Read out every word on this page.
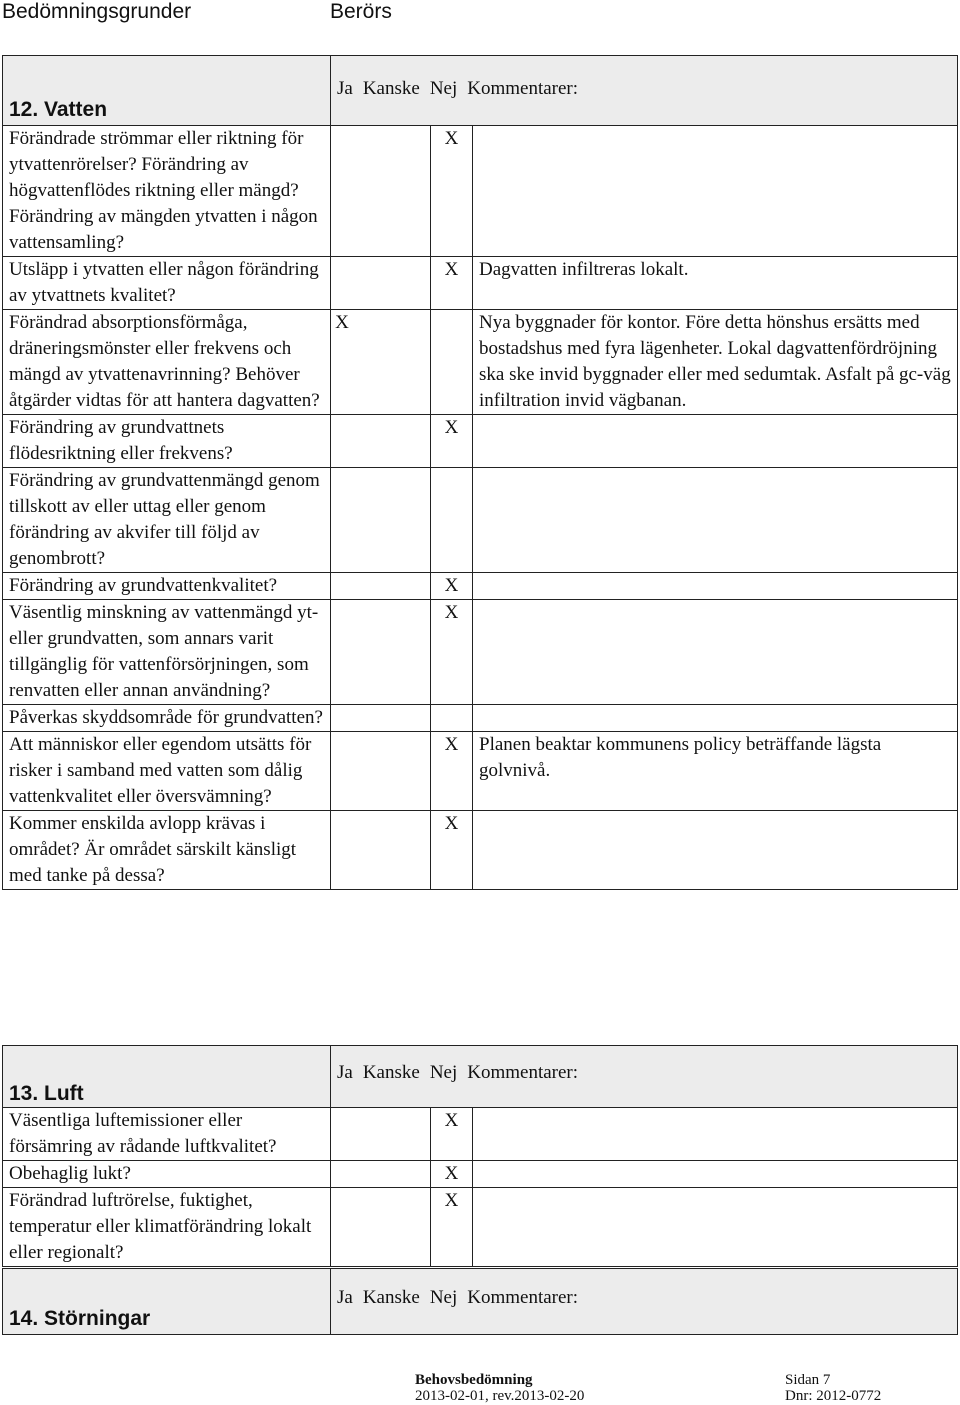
Bedömningsgrunder	Berörs
12. Vatten	Ja Kanske Nej Kommentarer:		

Förändrade strömmar eller riktning för ytvattenrörelser? Förändring av högvattenflödes riktning eller mängd? Förändring av mängden ytvatten i någon vattensamling?		X	
Utsläpp i ytvatten eller någon förändring av ytvattnets kvalitet?		X	Dagvatten infiltreras lokalt.
Förändrad absorptionsförmåga, dräneringsmönster eller frekvens och mängd av ytvattenavrinning? Behöver åtgärder vidtas för att hantera dagvatten?	X		Nya byggnader för kontor. Före detta hönshus ersätts med bostadshus med fyra lägenheter. Lokal dagvattenfördröjning ska ske invid byggnader eller med sedumtak. Asfalt på gc-väg infiltration invid vägbanan.
Förändring av grundvattnets flödesriktning eller frekvens?		X	
Förändring av grundvattenmängd genom tillskott av eller uttag eller genom förändring av akvifer till följd av genombrott?			
Förändring av grundvattenkvalitet?		X	
Väsentlig minskning av vattenmängd yt- eller grundvatten, som annars varit tillgänglig för vattenförsörjningen, som renvatten eller annan användning?		X	
Påverkas skyddsområde för grundvatten?			
Att människor eller egendom utsätts för risker i samband med vatten som dålig vattenkvalitet eller översvämning?		X	Planen beaktar kommunens policy beträffande lägsta golvnivå.
Kommer enskilda avlopp krävas i området? Är området särskilt känsligt med tanke på dessa?		X	
13. Luft	Ja Kanske Nej Kommentarer:		

Väsentliga luftemissioner eller försämring av rådande luftkvalitet?		X	
Obehaglig lukt?		X	
Förändrad luftrörelse, fuktighet, temperatur eller klimatförändring lokalt eller regionalt?		X	
14. Störningar

Ja Kanske Nej Kommentarer:
Behovsbedömning
2013-02-01, rev.2013-02-20
Sidan 7
Dnr: 2012-0772
